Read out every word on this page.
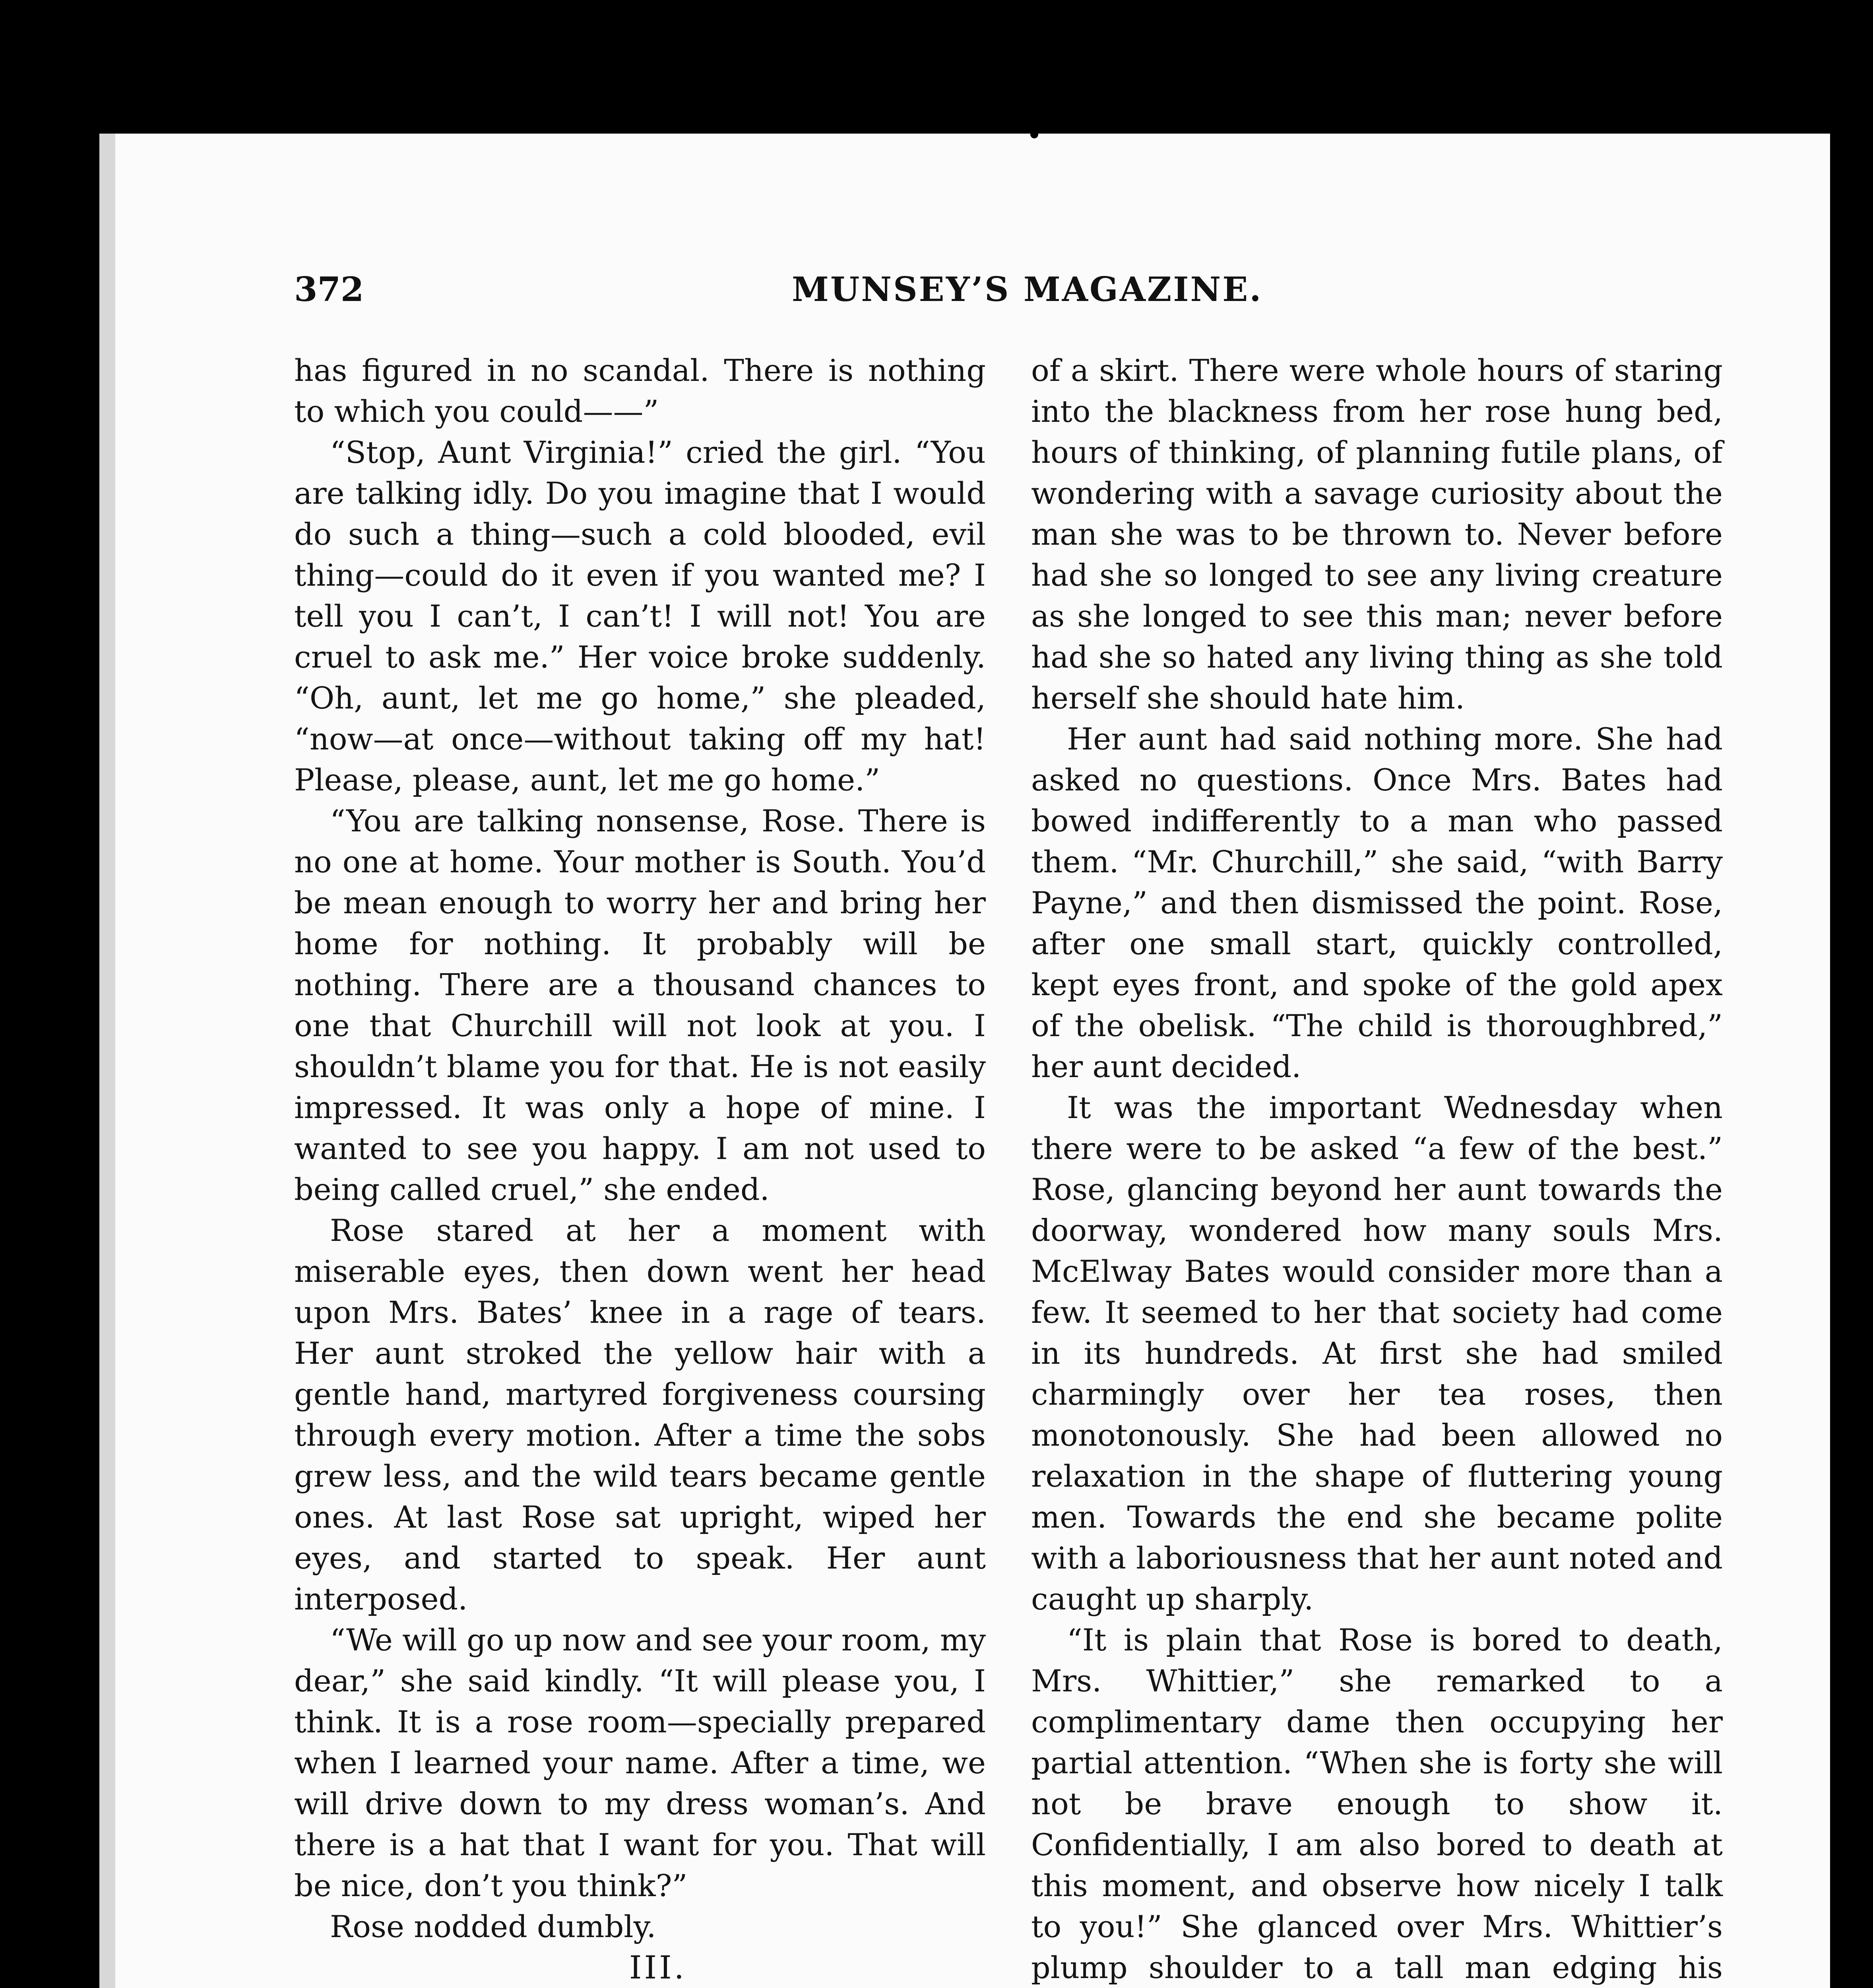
372	MUNSEY’S MAGAZINE.

has figured in no scandal. There is nothing to which you could——”

“Stop, Aunt Virginia!” cried the girl. “You are talking idly. Do you imagine that I would do such a thing—such a cold blooded, evil thing—could do it even if you wanted me? I tell you I can’t, I can’t! I will not! You are cruel to ask me.” Her voice broke suddenly. “Oh, aunt, let me go home,” she pleaded, “now—at once—without taking off my hat! Please, please, aunt, let me go home.”

“You are talking nonsense, Rose. There is no one at home. Your mother is South. You’d be mean enough to worry her and bring her home for nothing. It probably will be nothing. There are a thousand chances to one that Churchill will not look at you. I shouldn’t blame you for that. He is not easily impressed. It was only a hope of mine. I wanted to see you happy. I am not used to being called cruel,” she ended.

Rose stared at her a moment with miserable eyes, then down went her head upon Mrs. Bates’ knee in a rage of tears. Her aunt stroked the yellow hair with a gentle hand, martyred forgiveness coursing through every motion. After a time the sobs grew less, and the wild tears became gentle ones. At last Rose sat upright, wiped her eyes, and started to speak. Her aunt interposed.

“We will go up now and see your room, my dear,” she said kindly. “It will please you, I think. It is a rose room—specially prepared when I learned your name. After a time, we will drive down to my dress woman’s. And there is a hat that I want for you. That will be nice, don’t you think?”

Rose nodded dumbly.

III.

of a skirt. There were whole hours of staring into the blackness from her rose hung bed, hours of thinking, of planning futile plans, of wondering with a savage curiosity about the man she was to be thrown to. Never before had she so longed to see any living creature as she longed to see this man; never before had she so hated any living thing as she told herself she should hate him.

Her aunt had said nothing more. She had asked no questions. Once Mrs. Bates had bowed indifferently to a man who passed them. “Mr. Churchill,” she said, “with Barry Payne,” and then dismissed the point. Rose, after one small start, quickly controlled, kept eyes front, and spoke of the gold apex of the obelisk. “The child is thoroughbred,” her aunt decided.

It was the important Wednesday when there were to be asked “a few of the best.” Rose, glancing beyond her aunt towards the doorway, wondered how many souls Mrs. McElway Bates would consider more than a few. It seemed to her that society had come in its hundreds. At first she had smiled charmingly over her tea roses, then monotonously. She had been allowed no relaxation in the shape of fluttering young men. Towards the end she became polite with a laboriousness that her aunt noted and caught up sharply.

“It is plain that Rose is bored to death, Mrs. Whittier,” she remarked to a complimentary dame then occupying her partial attention. “When she is forty she will not be brave enough to show it. Confidentially, I am also bored to death at this moment, and observe how nicely I talk to you!” She glanced over Mrs. Whittier’s plump shoulder to a tall man edging his
